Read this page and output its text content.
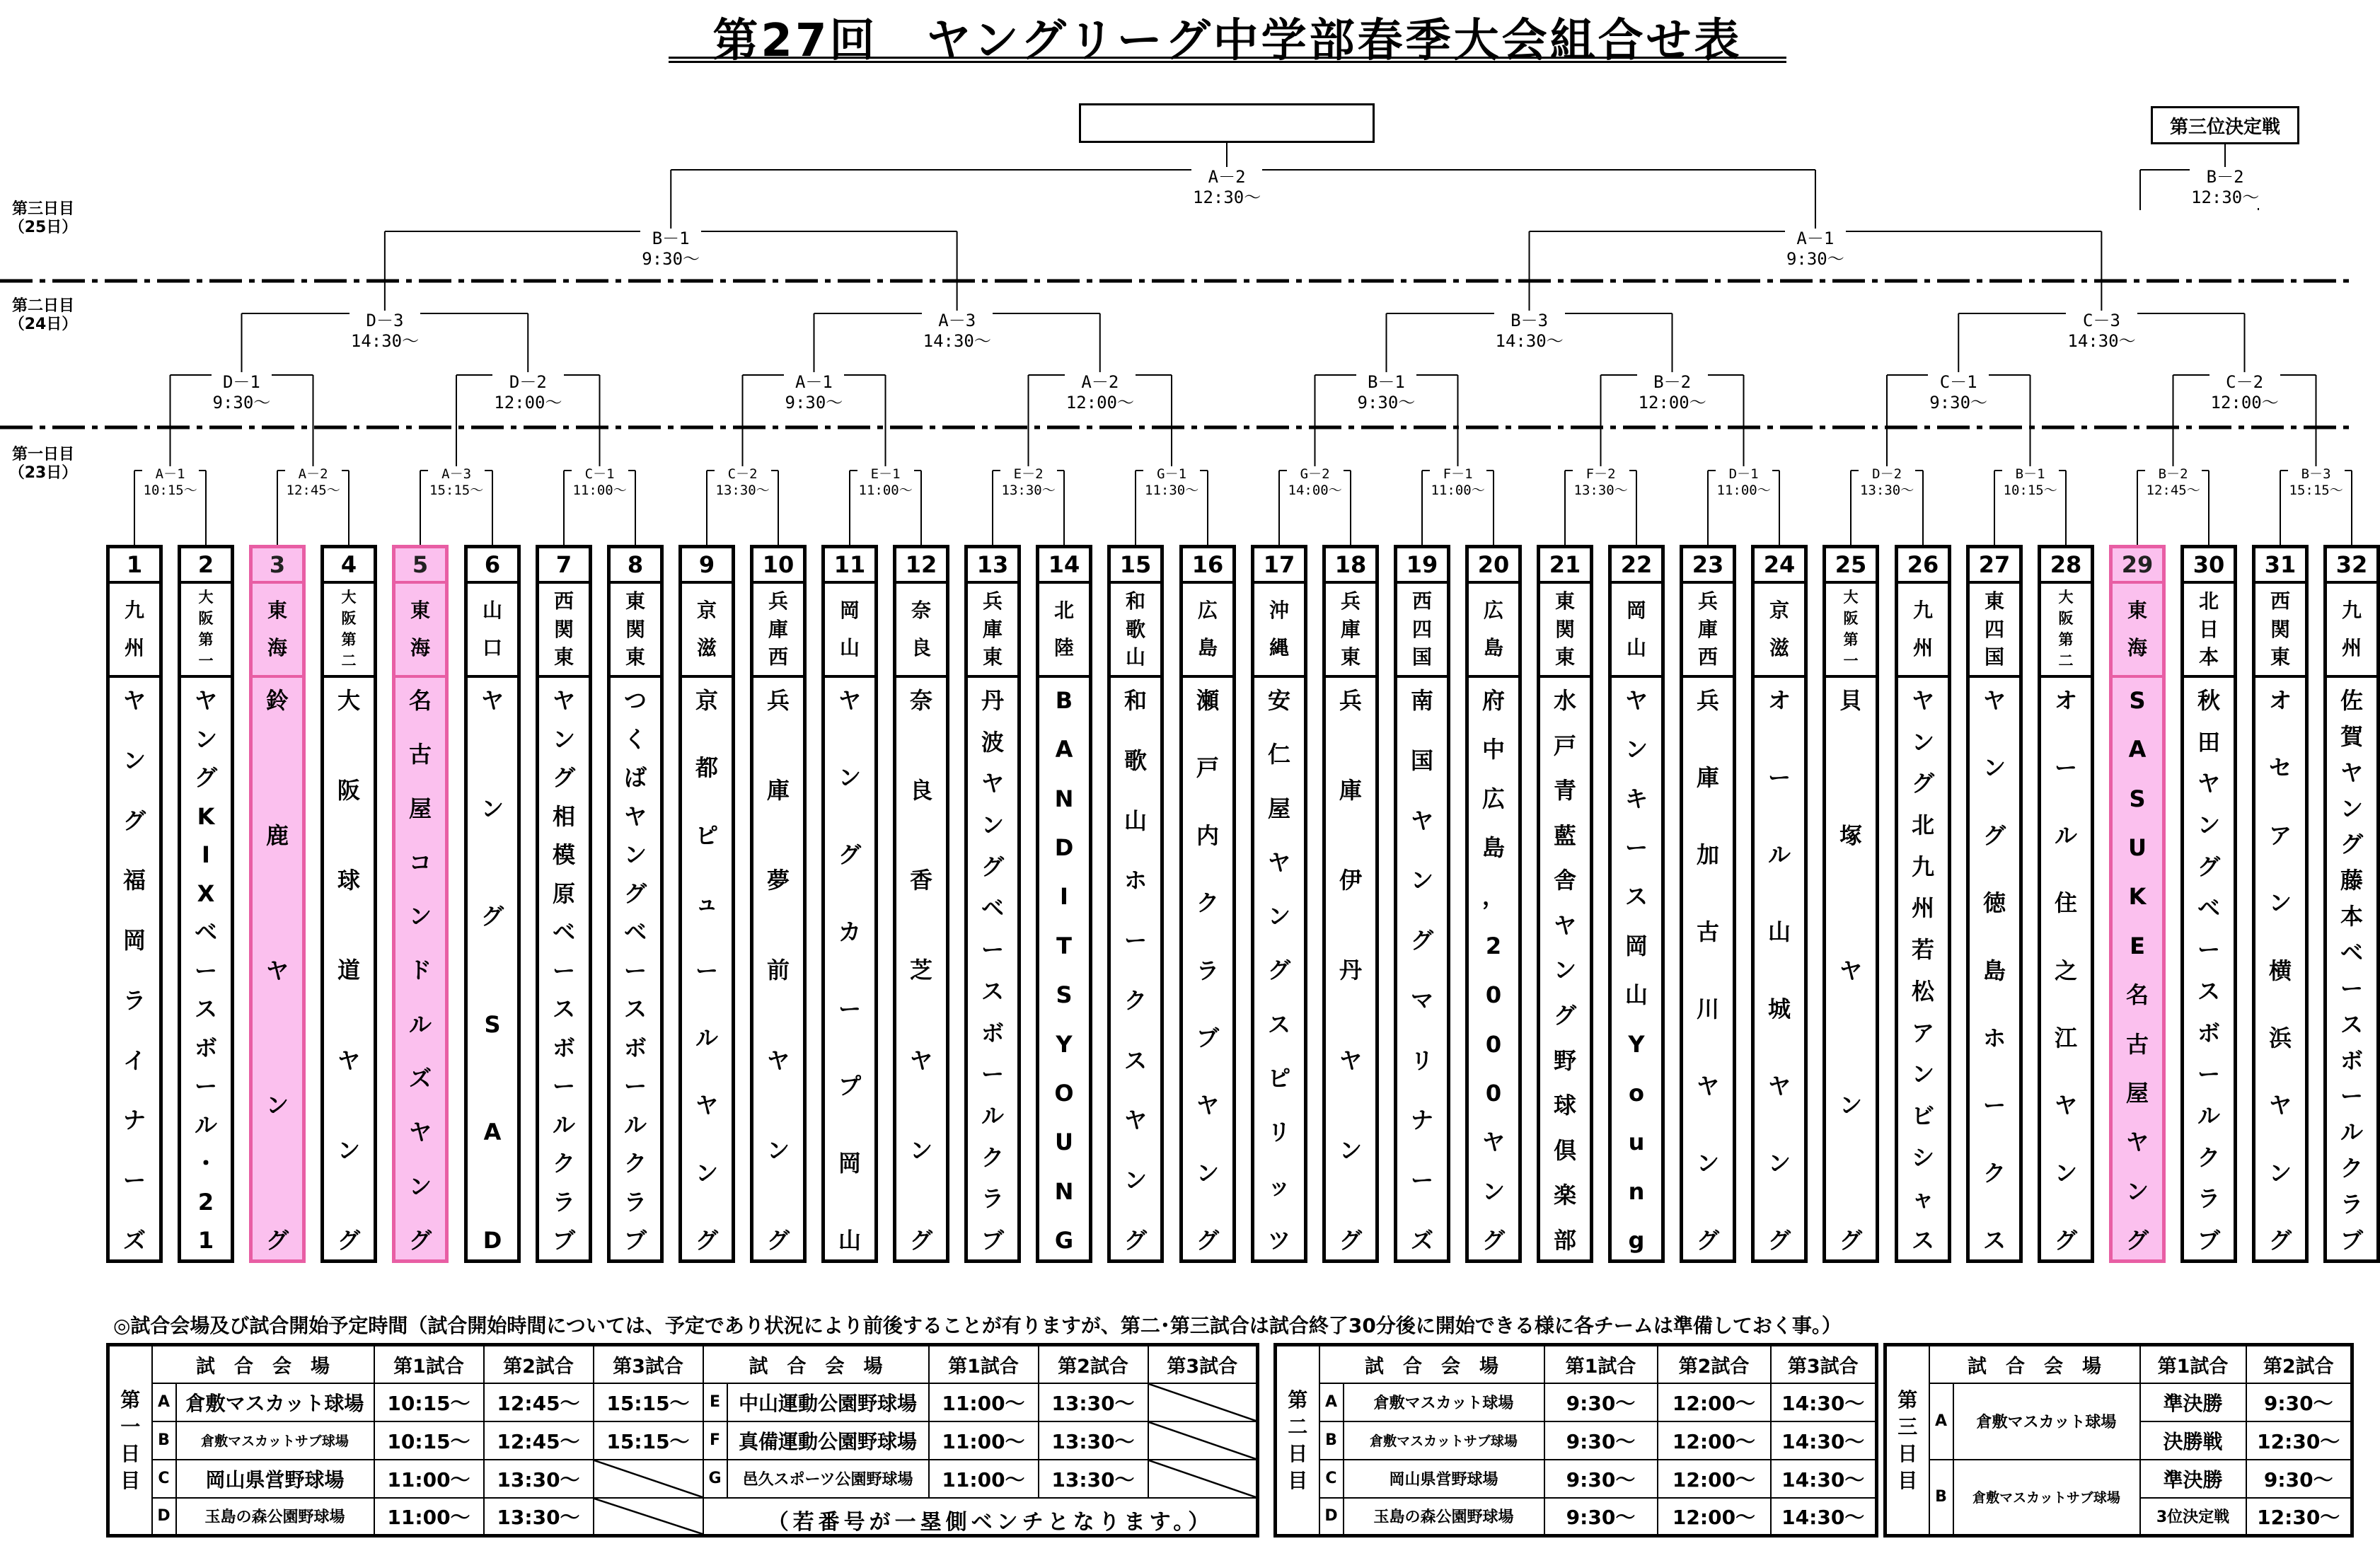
第27回　ヤングリーグ中学部春季大会組合せ表
第三位決定戦
第三日目
（25日）
第二日目
（24日）
第一日目
（23日）	A－1
10:15～
A－2
12:45～
A－3
15:15～
C－1
11:00～
C－2
13:30～
E－1
11:00～
E－2
13:30～
G－1
11:30～
G－2
14:00～
F－1
11:00～
F－2
13:30～
D－1
11:00～
D－2
13:30～
B－1
10:15～
B－2
12:45～
B－3
15:15～
D－1
9:30～
D－2
12:00～
A－1
9:30～
A－2
12:00～
B－1
9:30～
B－2
12:00～
C－1
9:30～
C－2
12:00～
D－3
14:30～
A－3
14:30～
B－3
14:30～
C－3
14:30～
B－1
9:30～
A－1
9:30～
A－2
12:30～
B－2
12:30～
1
九
州
ヤ
ン
グ
福
岡
ラ
イ
ナ
ー
ズ
2
大
阪
第
一
ヤ
ン
グ
K
I
X
ベ
ー
ス
ボ
ー
ル
・
2
1
3
東
海
鈴
鹿
ヤ
ン
グ
4
大
阪
第
二
大
阪
球
道
ヤ
ン
グ
5
東
海
名
古
屋
コ
ン
ド
ル
ズ
ヤ
ン
グ
6
山
口
ヤ
ン
グ
S
A
D
7
西
関
東
ヤ
ン
グ
相
模
原
ベ
ー
ス
ボ
ー
ル
ク
ラ
ブ
8
東
関
東
つ
く
ば
ヤ
ン
グ
ベ
ー
ス
ボ
ー
ル
ク
ラ
ブ
9
京
滋
京
都
ピ
ュ
ー
ル
ヤ
ン
グ
10
兵
庫
西
兵
庫
夢
前
ヤ
ン
グ
11
岡
山
ヤ
ン
グ
カ
ー
プ
岡
山
12
奈
良
奈
良
香
芝
ヤ
ン
グ
13
兵
庫
東
丹
波
ヤ
ン
グ
ベ
ー
ス
ボ
ー
ル
ク
ラ
ブ
14
北
陸
B
A
N
D
I
T
S
Y
O
U
N
G
15
和
歌
山
和
歌
山
ホ
ー
ク
ス
ヤ
ン
グ
16
広
島
瀬
戸
内
ク
ラ
ブ
ヤ
ン
グ
17
沖
縄
安
仁
屋
ヤ
ン
グ
ス
ピ
リ
ッ
ツ
18
兵
庫
東
兵
庫
伊
丹
ヤ
ン
グ
19
西
四
国
南
国
ヤ
ン
グ
マ
リ
ナ
ー
ズ
20
広
島
府
中
広
島
，
2
0
0
0
ヤ
ン
グ
21
東
関
東
水
戸
青
藍
舎
ヤ
ン
グ
野
球
倶
楽
部
22
岡
山
ヤ
ン
キ
ー
ス
岡
山
Y
o
u
n
g
23
兵
庫
西
兵
庫
加
古
川
ヤ
ン
グ
24
京
滋
オ
ー
ル
山
城
ヤ
ン
グ
25
大
阪
第
一
貝
塚
ヤ
ン
グ
26
九
州
ヤ
ン
グ
北
九
州
若
松
ア
ン
ビ
シ
ャ
ス
27
東
四
国
ヤ
ン
グ
徳
島
ホ
ー
ク
ス
28
大
阪
第
二
オ
ー
ル
住
之
江
ヤ
ン
グ
29
東
海
S
A
S
U
K
E
名
古
屋
ヤ
ン
グ
30
北
日
本
秋
田
ヤ
ン
グ
ベ
ー
ス
ボ
ー
ル
ク
ラ
ブ
31
西
関
東
オ
セ
ア
ン
横
浜
ヤ
ン
グ
32
九
州
佐
賀
ヤ
ン
グ
藤
本
ベ
ー
ス
ボ
ー
ル
ク
ラ
ブ
◎試合会場及び試合開始予定時間（試合開始時間については、予定であり状況により前後することが有りますが、第二･第三試合は試合終了30分後に開始できる様に各チームは準備しておく事。）
第
一
日
目	試　合　会　場		第1試合	第2試合	第3試合	試　合　会　場		第1試合	第2試合	第3試合
	A	倉敷マスカット球場	10:15～	12:45～	15:15～	E	中山運動公園野球場	11:00～	13:30～	
	B	倉敷マスカットサブ球場	10:15～	12:45～	15:15～	F	真備運動公園野球場	11:00～	13:30～	
	C	岡山県営野球場	11:00～	13:30～		G	邑久スポーツ公園野球場	11:00～	13:30～	
	D	玉島の森公園野球場	11:00～	13:30～							（若番号が一塁側ベンチとなります。）
第
二
日
目	試　合　会　場		第1試合	第2試合	第3試合
	A	倉敷マスカット球場	9:30～	12:00～	14:30～
	B	倉敷マスカットサブ球場	9:30～	12:00～	14:30～
	C	岡山県営野球場	9:30～	12:00～	14:30～
	D	玉島の森公園野球場	9:30～	12:00～	14:30～
第
三
日
目	試　合　会　場		第1試合	第2試合
	A	倉敷マスカット球場	準決勝	9:30～
			決勝戦	12:30～
	B	倉敷マスカットサブ球場	準決勝	9:30～
			3位決定戦	12:30～
